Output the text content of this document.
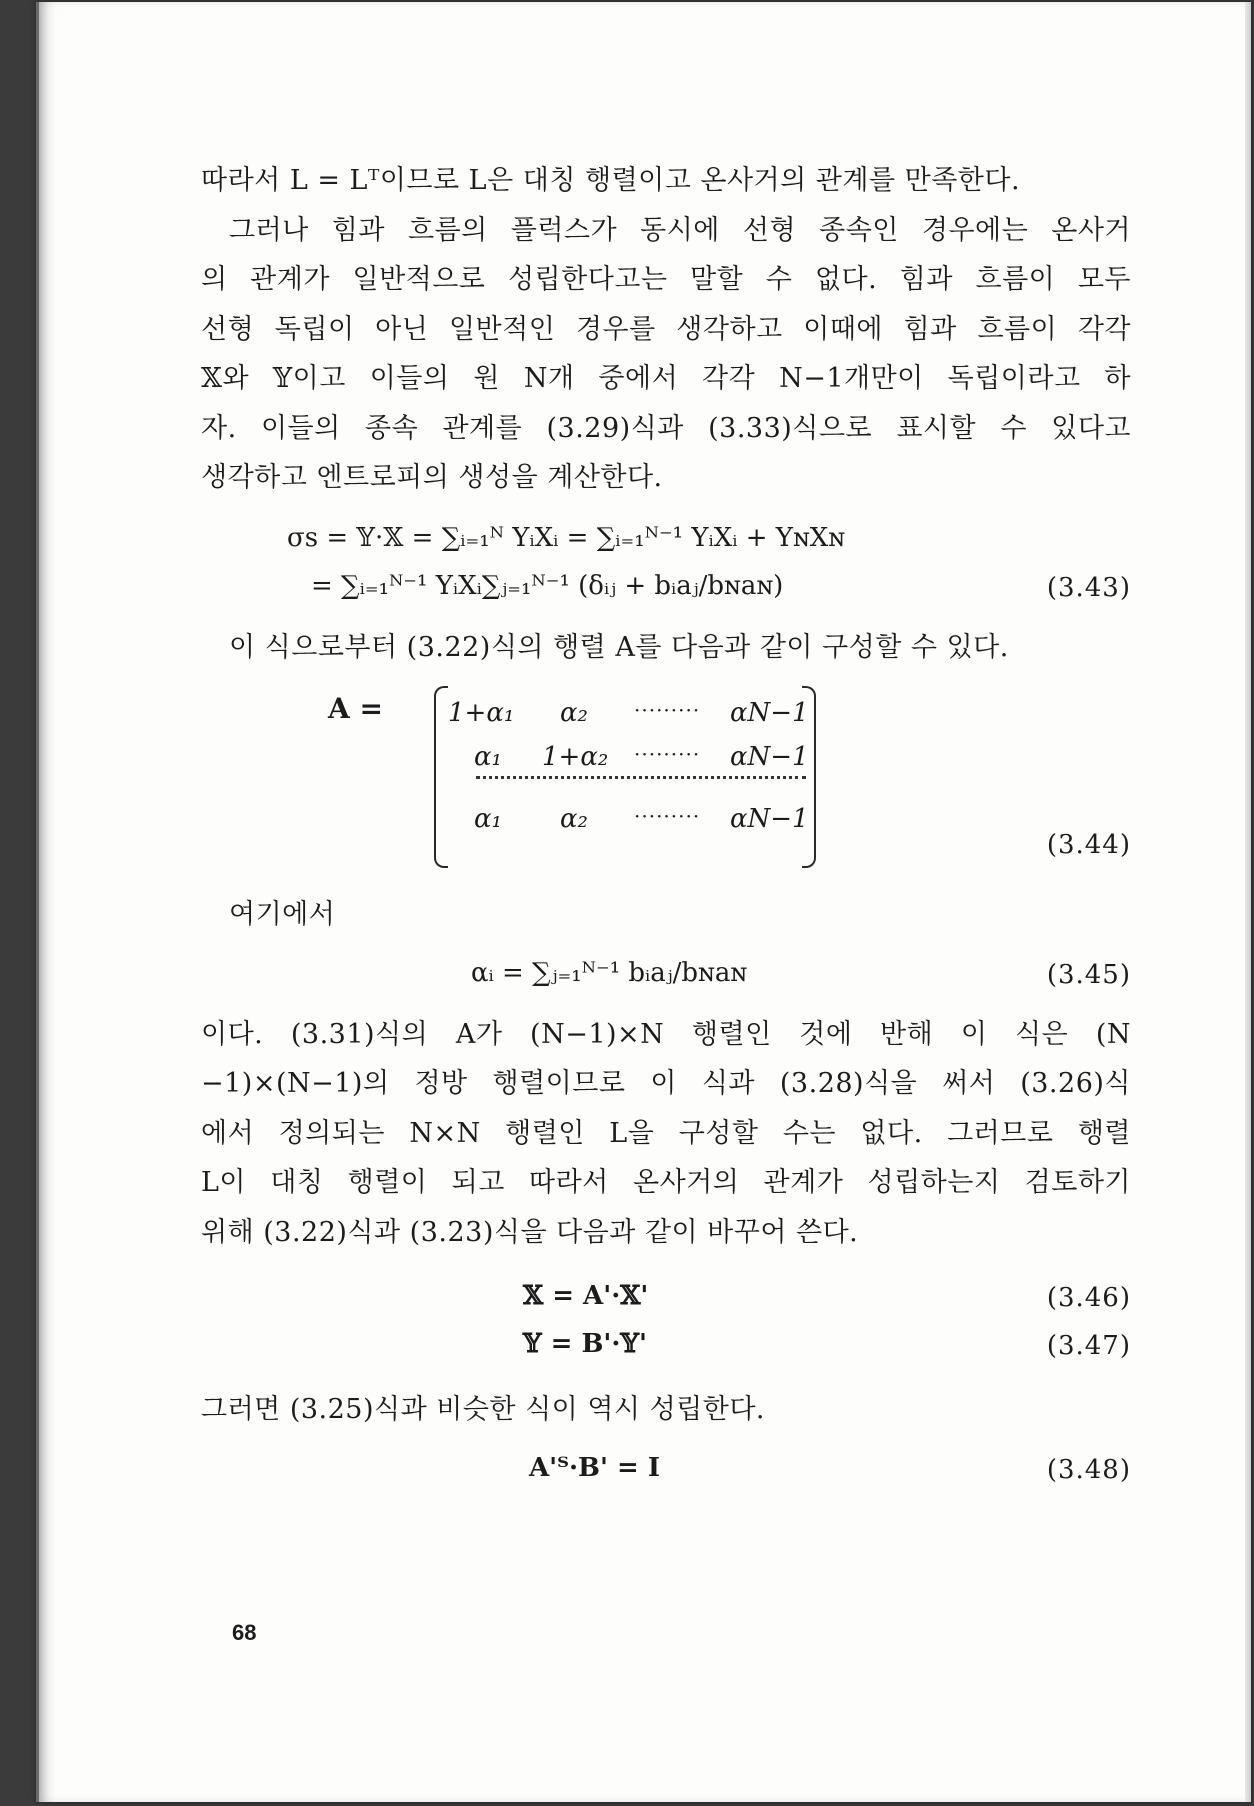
따라서 L = Lᵀ이므로 L은 대칭 행렬이고 온사거의 관계를 만족한다.
그러나 힘과 흐름의 플럭스가 동시에 선형 종속인 경우에는 온사거
의 관계가 일반적으로 성립한다고는 말할 수 없다. 힘과 흐름이 모두
선형 독립이 아닌 일반적인 경우를 생각하고 이때에 힘과 흐름이 각각
𝕏와 𝕐이고 이들의 원 N개 중에서 각각 N−1개만이 독립이라고 하
자. 이들의 종속 관계를 (3.29)식과 (3.33)식으로 표시할 수 있다고
생각하고 엔트로피의 생성을 계산한다.
σs = 𝕐·𝕏 = ∑ᵢ₌₁ᴺ YᵢXᵢ = ∑ᵢ₌₁ᴺ⁻¹ YᵢXᵢ + YɴXɴ
= ∑ᵢ₌₁ᴺ⁻¹ YᵢXᵢ∑ⱼ₌₁ᴺ⁻¹ (δᵢⱼ + bᵢaⱼ/bɴaɴ)	(3.43)
이 식으로부터 (3.22)식의 행렬 A를 다음과 같이 구성할 수 있다.
A =	1+α₁ α₂ ········· αN−1
α₁ 1+α₂ ········· αN−1
α₁ α₂ ········· αN−1
(3.44)
여기에서
αᵢ = ∑ⱼ₌₁ᴺ⁻¹ bᵢaⱼ/bɴaɴ	(3.45)
이다. (3.31)식의 A가 (N−1)×N 행렬인 것에 반해 이 식은 (N
−1)×(N−1)의 정방 행렬이므로 이 식과 (3.28)식을 써서 (3.26)식
에서 정의되는 N×N 행렬인 L을 구성할 수는 없다. 그러므로 행렬
L이 대칭 행렬이 되고 따라서 온사거의 관계가 성립하는지 검토하기
위해 (3.22)식과 (3.23)식을 다음과 같이 바꾸어 쓴다.
𝕏 = A'·𝕏'	(3.46)
𝕐 = B'·𝕐'	(3.47)
그러면 (3.25)식과 비슷한 식이 역시 성립한다.
A'ᵀ·B' = I	(3.48)
68
